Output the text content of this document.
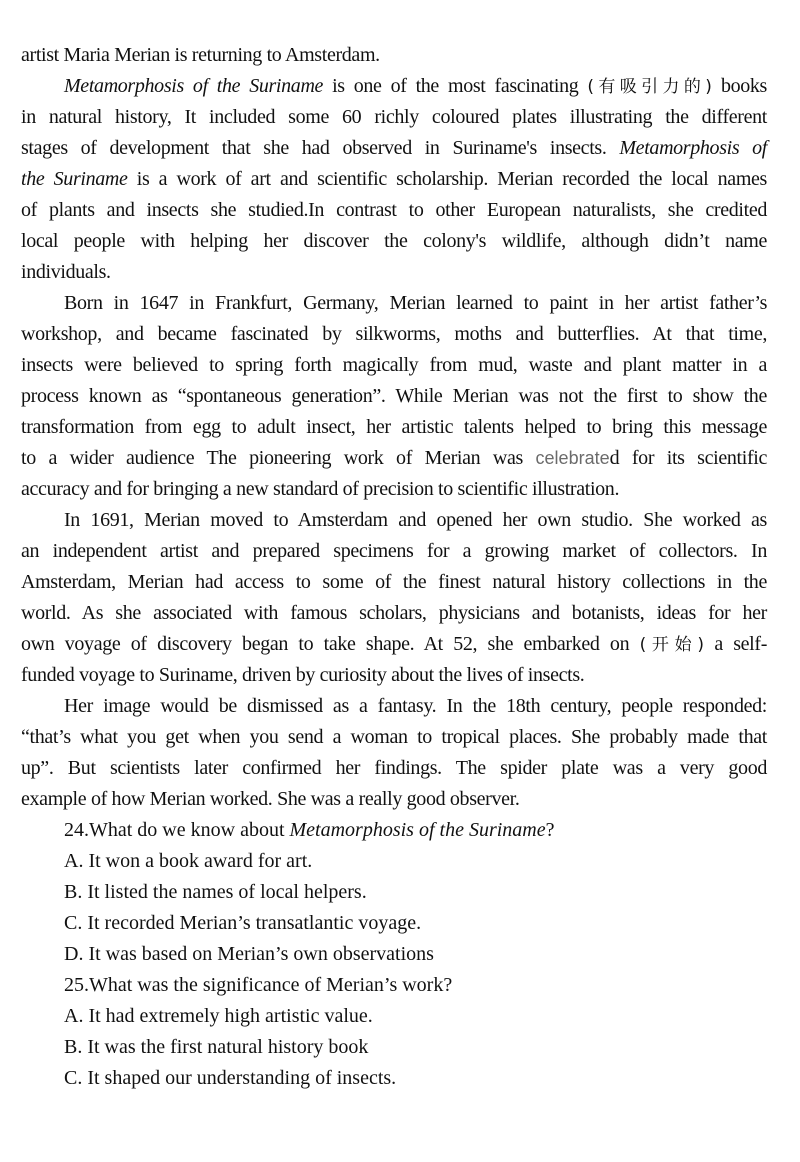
artist Maria Merian is returning to Amsterdam.
Metamorphosis of the Suriname is one of the most fascinating (有吸引力的) books
in natural history, It included some 60 richly coloured plates illustrating the different
stages of development that she had observed in Suriname's insects. Metamorphosis of
the Suriname is a work of art and scientific scholarship. Merian recorded the local names
of plants and insects she studied.In contrast to other European naturalists, she credited
local people with helping her discover the colony's wildlife, although didn’t name
individuals.
Born in 1647 in Frankfurt, Germany, Merian learned to paint in her artist father’s
workshop, and became fascinated by silkworms, moths and butterflies. At that time,
insects were believed to spring forth magically from mud, waste and plant matter in a
process known as “spontaneous generation”. While Merian was not the first to show the
transformation from egg to adult insect, her artistic talents helped to bring this message
to a wider audience The pioneering work of Merian was celebrated for its scientific
accuracy and for bringing a new standard of precision to scientific illustration.
In 1691, Merian moved to Amsterdam and opened her own studio. She worked as
an independent artist and prepared specimens for a growing market of collectors. In
Amsterdam, Merian had access to some of the finest natural history collections in the
world. As she associated with famous scholars, physicians and botanists, ideas for her
own voyage of discovery began to take shape. At 52, she embarked on (开始) a self-
funded voyage to Suriname, driven by curiosity about the lives of insects.
Her image would be dismissed as a fantasy. In the 18th century, people responded:
“that’s what you get when you send a woman to tropical places. She probably made that
up”. But scientists later confirmed her findings. The spider plate was a very good
example of how Merian worked. She was a really good observer.
24.What do we know about Metamorphosis of the Suriname?
A. It won a book award for art.
B. It listed the names of local helpers.
C. It recorded Merian’s transatlantic voyage.
D. It was based on Merian’s own observations
25.What was the significance of Merian’s work?
A. It had extremely high artistic value.
B. It was the first natural history book
C. It shaped our understanding of insects.
